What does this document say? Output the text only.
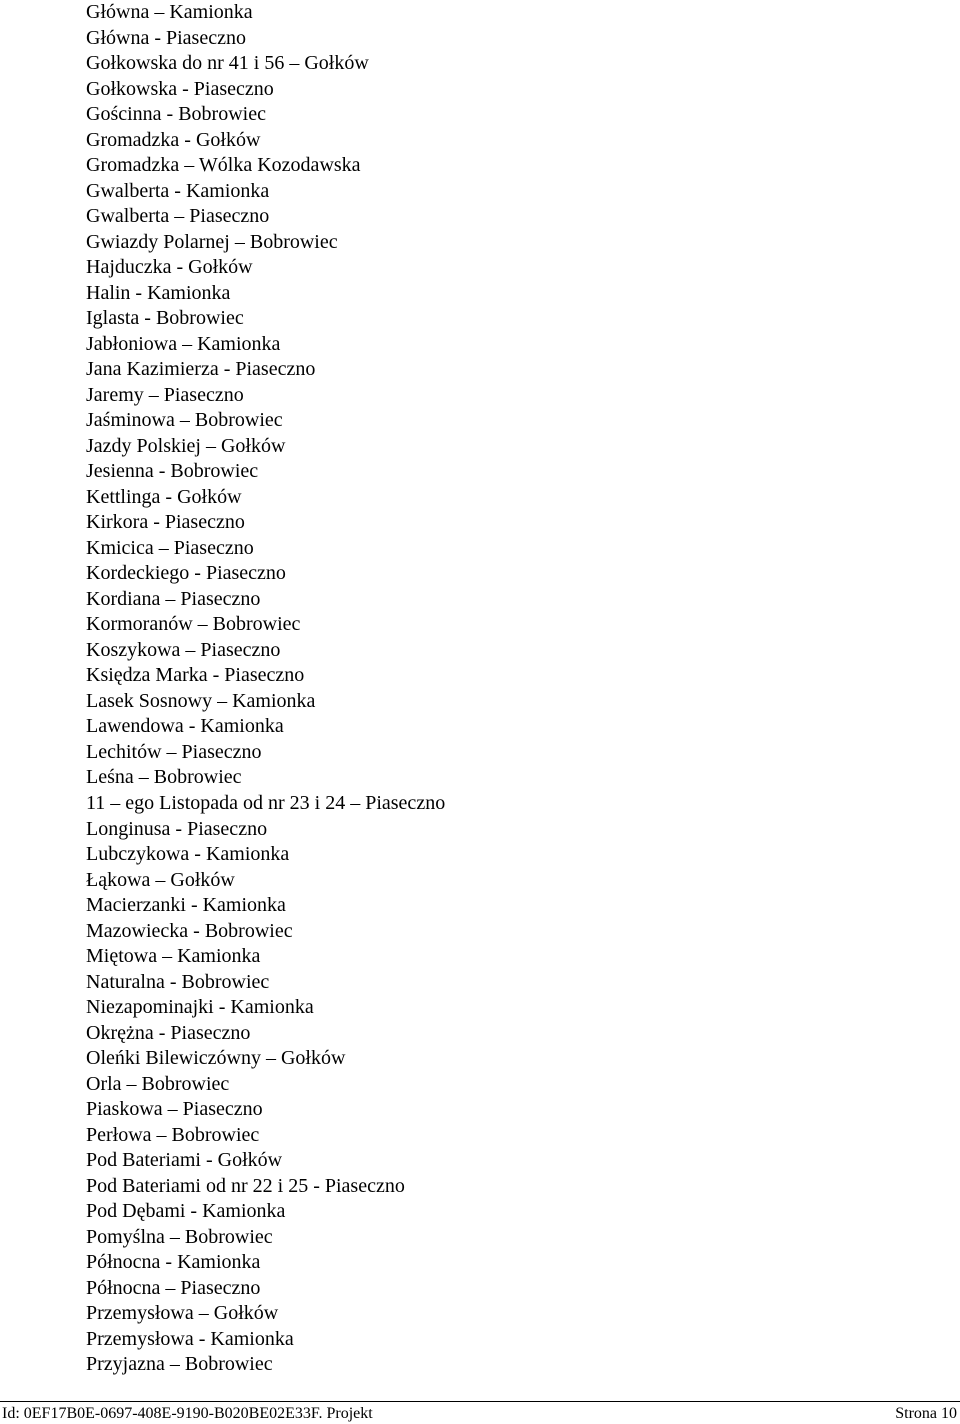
Główna – Kamionka
Główna - Piaseczno
Gołkowska do nr 41 i 56 – Gołków
Gołkowska - Piaseczno
Gościnna - Bobrowiec
Gromadzka - Gołków
Gromadzka – Wólka Kozodawska
Gwalberta - Kamionka
Gwalberta – Piaseczno
Gwiazdy Polarnej – Bobrowiec
Hajduczka - Gołków
Halin - Kamionka
Iglasta - Bobrowiec
Jabłoniowa – Kamionka
Jana Kazimierza - Piaseczno
Jaremy – Piaseczno
Jaśminowa – Bobrowiec
Jazdy Polskiej – Gołków
Jesienna - Bobrowiec
Kettlinga - Gołków
Kirkora - Piaseczno
Kmicica – Piaseczno
Kordeckiego - Piaseczno
Kordiana – Piaseczno
Kormoranów – Bobrowiec
Koszykowa – Piaseczno
Księdza Marka - Piaseczno
Lasek Sosnowy – Kamionka
Lawendowa - Kamionka
Lechitów – Piaseczno
Leśna – Bobrowiec
11 – ego Listopada od nr 23 i 24 – Piaseczno
Longinusa - Piaseczno
Lubczykowa - Kamionka
Łąkowa – Gołków
Macierzanki - Kamionka
Mazowiecka - Bobrowiec
Miętowa – Kamionka
Naturalna - Bobrowiec
Niezapominajki - Kamionka
Okrężna - Piaseczno
Oleńki Bilewiczówny – Gołków
Orla – Bobrowiec
Piaskowa – Piaseczno
Perłowa – Bobrowiec
Pod Bateriami - Gołków
Pod Bateriami od nr 22 i 25 - Piaseczno
Pod Dębami - Kamionka
Pomyślna – Bobrowiec
Północna - Kamionka
Północna – Piaseczno
Przemysłowa – Gołków
Przemysłowa - Kamionka
Przyjazna – Bobrowiec
Id: 0EF17B0E-0697-408E-9190-B020BE02E33F. Projekt	Strona 10
